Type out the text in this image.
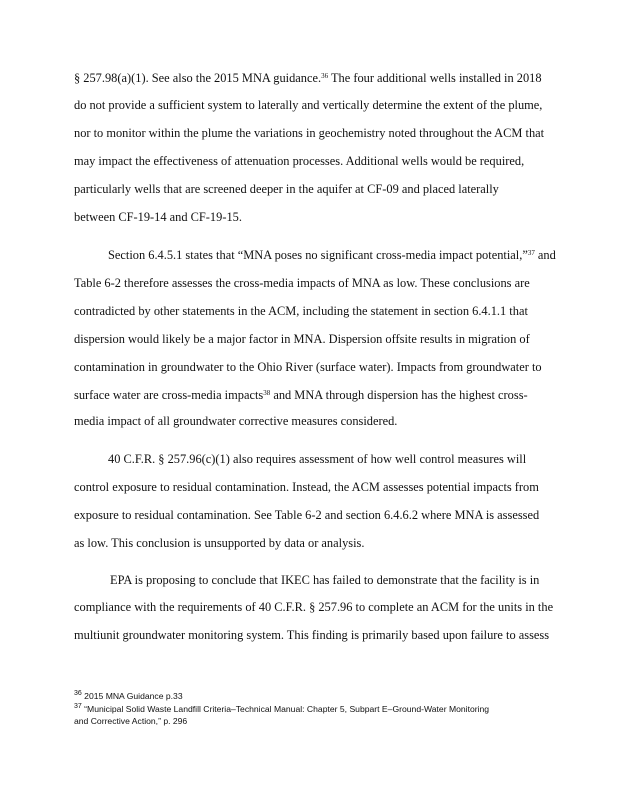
§ 257.98(a)(1). See also the 2015 MNA guidance.$^{36}$ The four additional wells installed in 2018
do not provide a sufficient system to laterally and vertically determine the extent of the plume,
nor to monitor within the plume the variations in geochemistry noted throughout the ACM that
may impact the effectiveness of attenuation processes. Additional wells would be required,
particularly wells that are screened deeper in the aquifer at CF-09 and placed laterally
between CF-19-14 and CF-19-15.
Section 6.4.5.1 states that “MNA poses no significant cross-media impact potential,”$^{37}$ and
Table 6-2 therefore assesses the cross-media impacts of MNA as low. These conclusions are
contradicted by other statements in the ACM, including the statement in section 6.4.1.1 that
dispersion would likely be a major factor in MNA. Dispersion offsite results in migration of
contamination in groundwater to the Ohio River (surface water). Impacts from groundwater to
surface water are cross-media impacts$^{38}$ and MNA through dispersion has the highest cross-
media impact of all groundwater corrective measures considered.
40 C.F.R. § 257.96(c)(1) also requires assessment of how well control measures will
control exposure to residual contamination. Instead, the ACM assesses potential impacts from
exposure to residual contamination. See Table 6-2 and section 6.4.6.2 where MNA is assessed
as low. This conclusion is unsupported by data or analysis.
EPA is proposing to conclude that IKEC has failed to demonstrate that the facility is in
compliance with the requirements of 40 C.F.R. § 257.96 to complete an ACM for the units in the
multiunit groundwater monitoring system. This finding is primarily based upon failure to assess
$^{36}$ 2015 MNA Guidance p.33
$^{37}$ “Municipal Solid Waste Landfill Criteria–Technical Manual: Chapter 5, Subpart E–Ground-Water Monitoring
and Corrective Action,” p. 296
